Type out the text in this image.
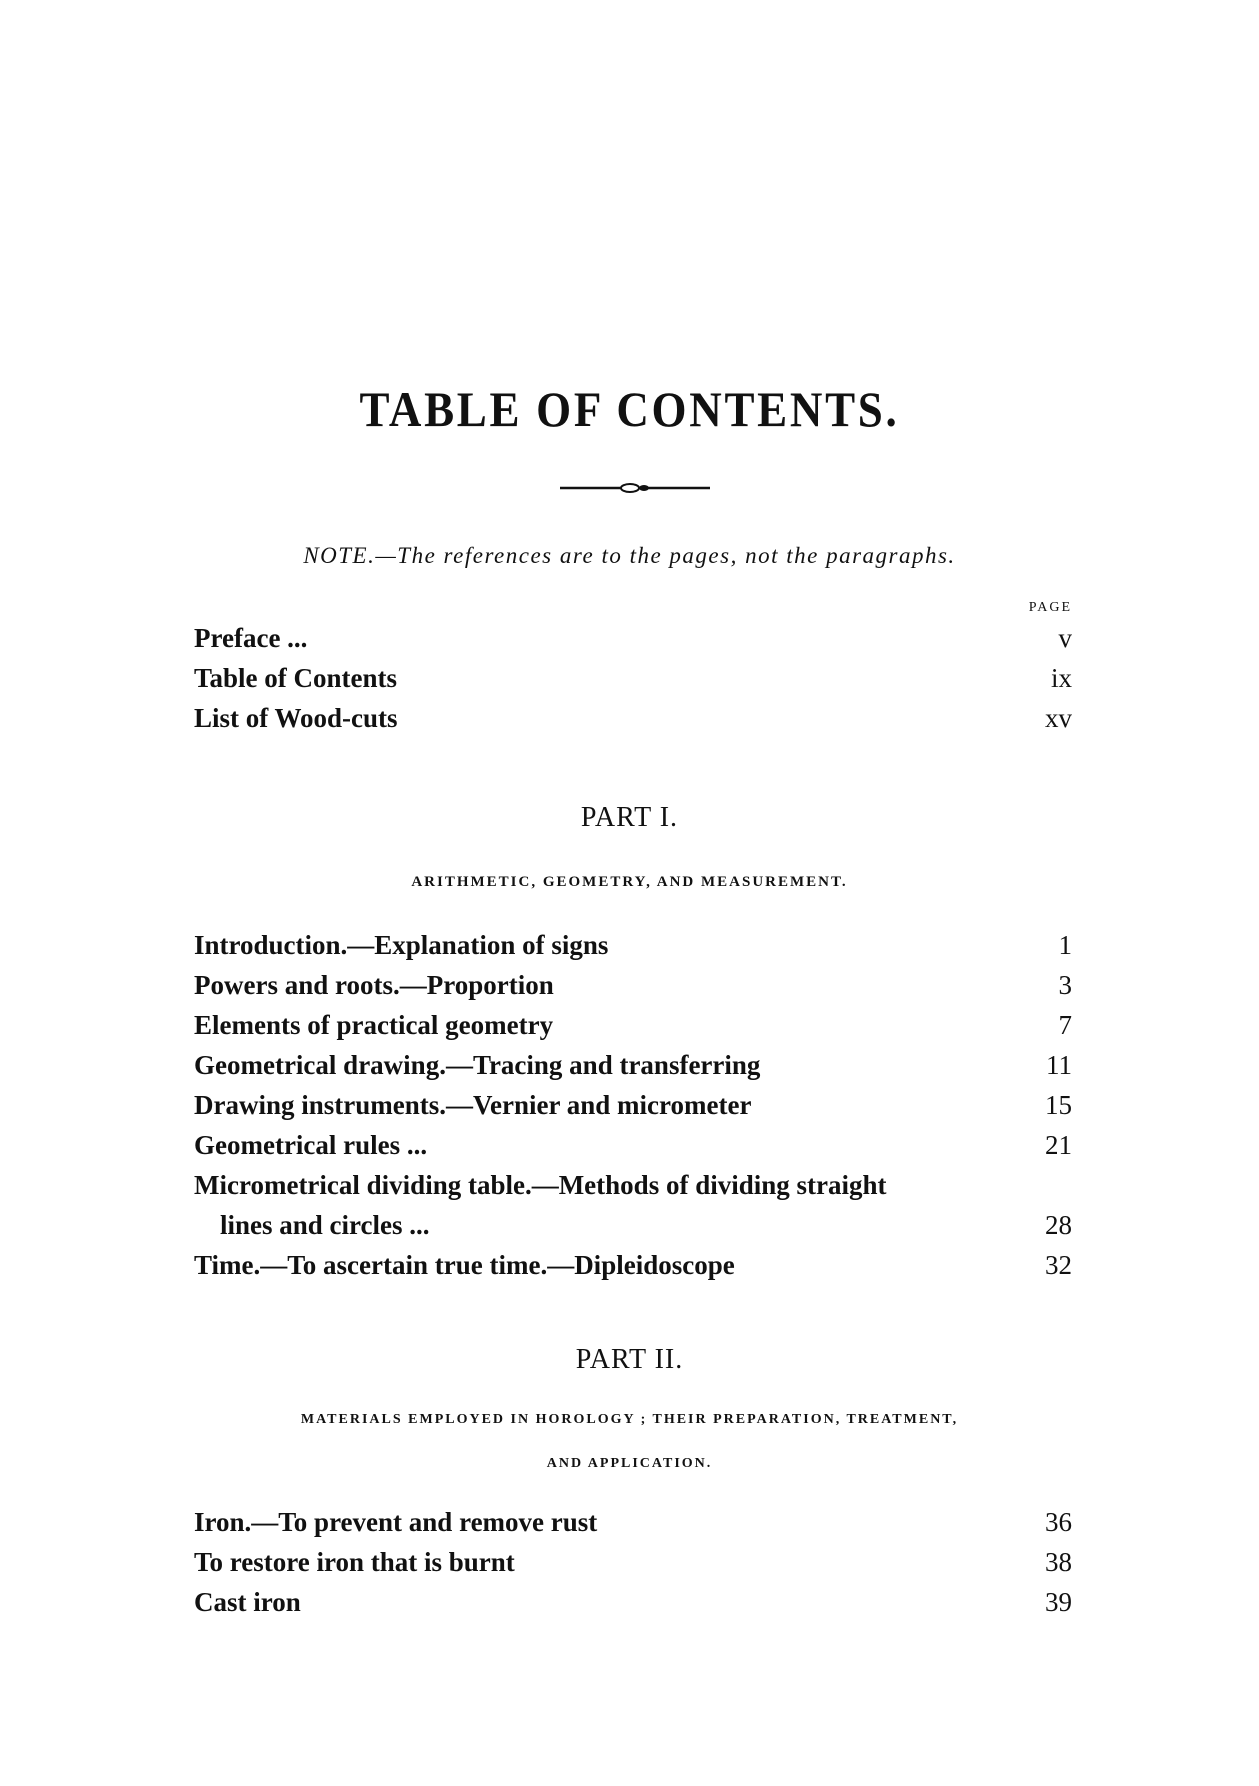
TABLE OF CONTENTS.
NOTE.—The references are to the pages, not the paragraphs.
PAGE
Preface ...	v
Table of Contents	ix
List of Wood-cuts	xv
PART I.
ARITHMETIC, GEOMETRY, AND MEASUREMENT.
Introduction.—Explanation of signs	1
Powers and roots.—Proportion	3
Elements of practical geometry	7
Geometrical drawing.—Tracing and transferring	11
Drawing instruments.—Vernier and micrometer	15
Geometrical rules ...	21
Micrometrical dividing table.—Methods of dividing straight
lines and circles ...	28
Time.—To ascertain true time.—Dipleidoscope	32
PART II.
MATERIALS EMPLOYED IN HOROLOGY ; THEIR PREPARATION, TREATMENT,
AND APPLICATION.
Iron.—To prevent and remove rust	36
To restore iron that is burnt	38
Cast iron	39
